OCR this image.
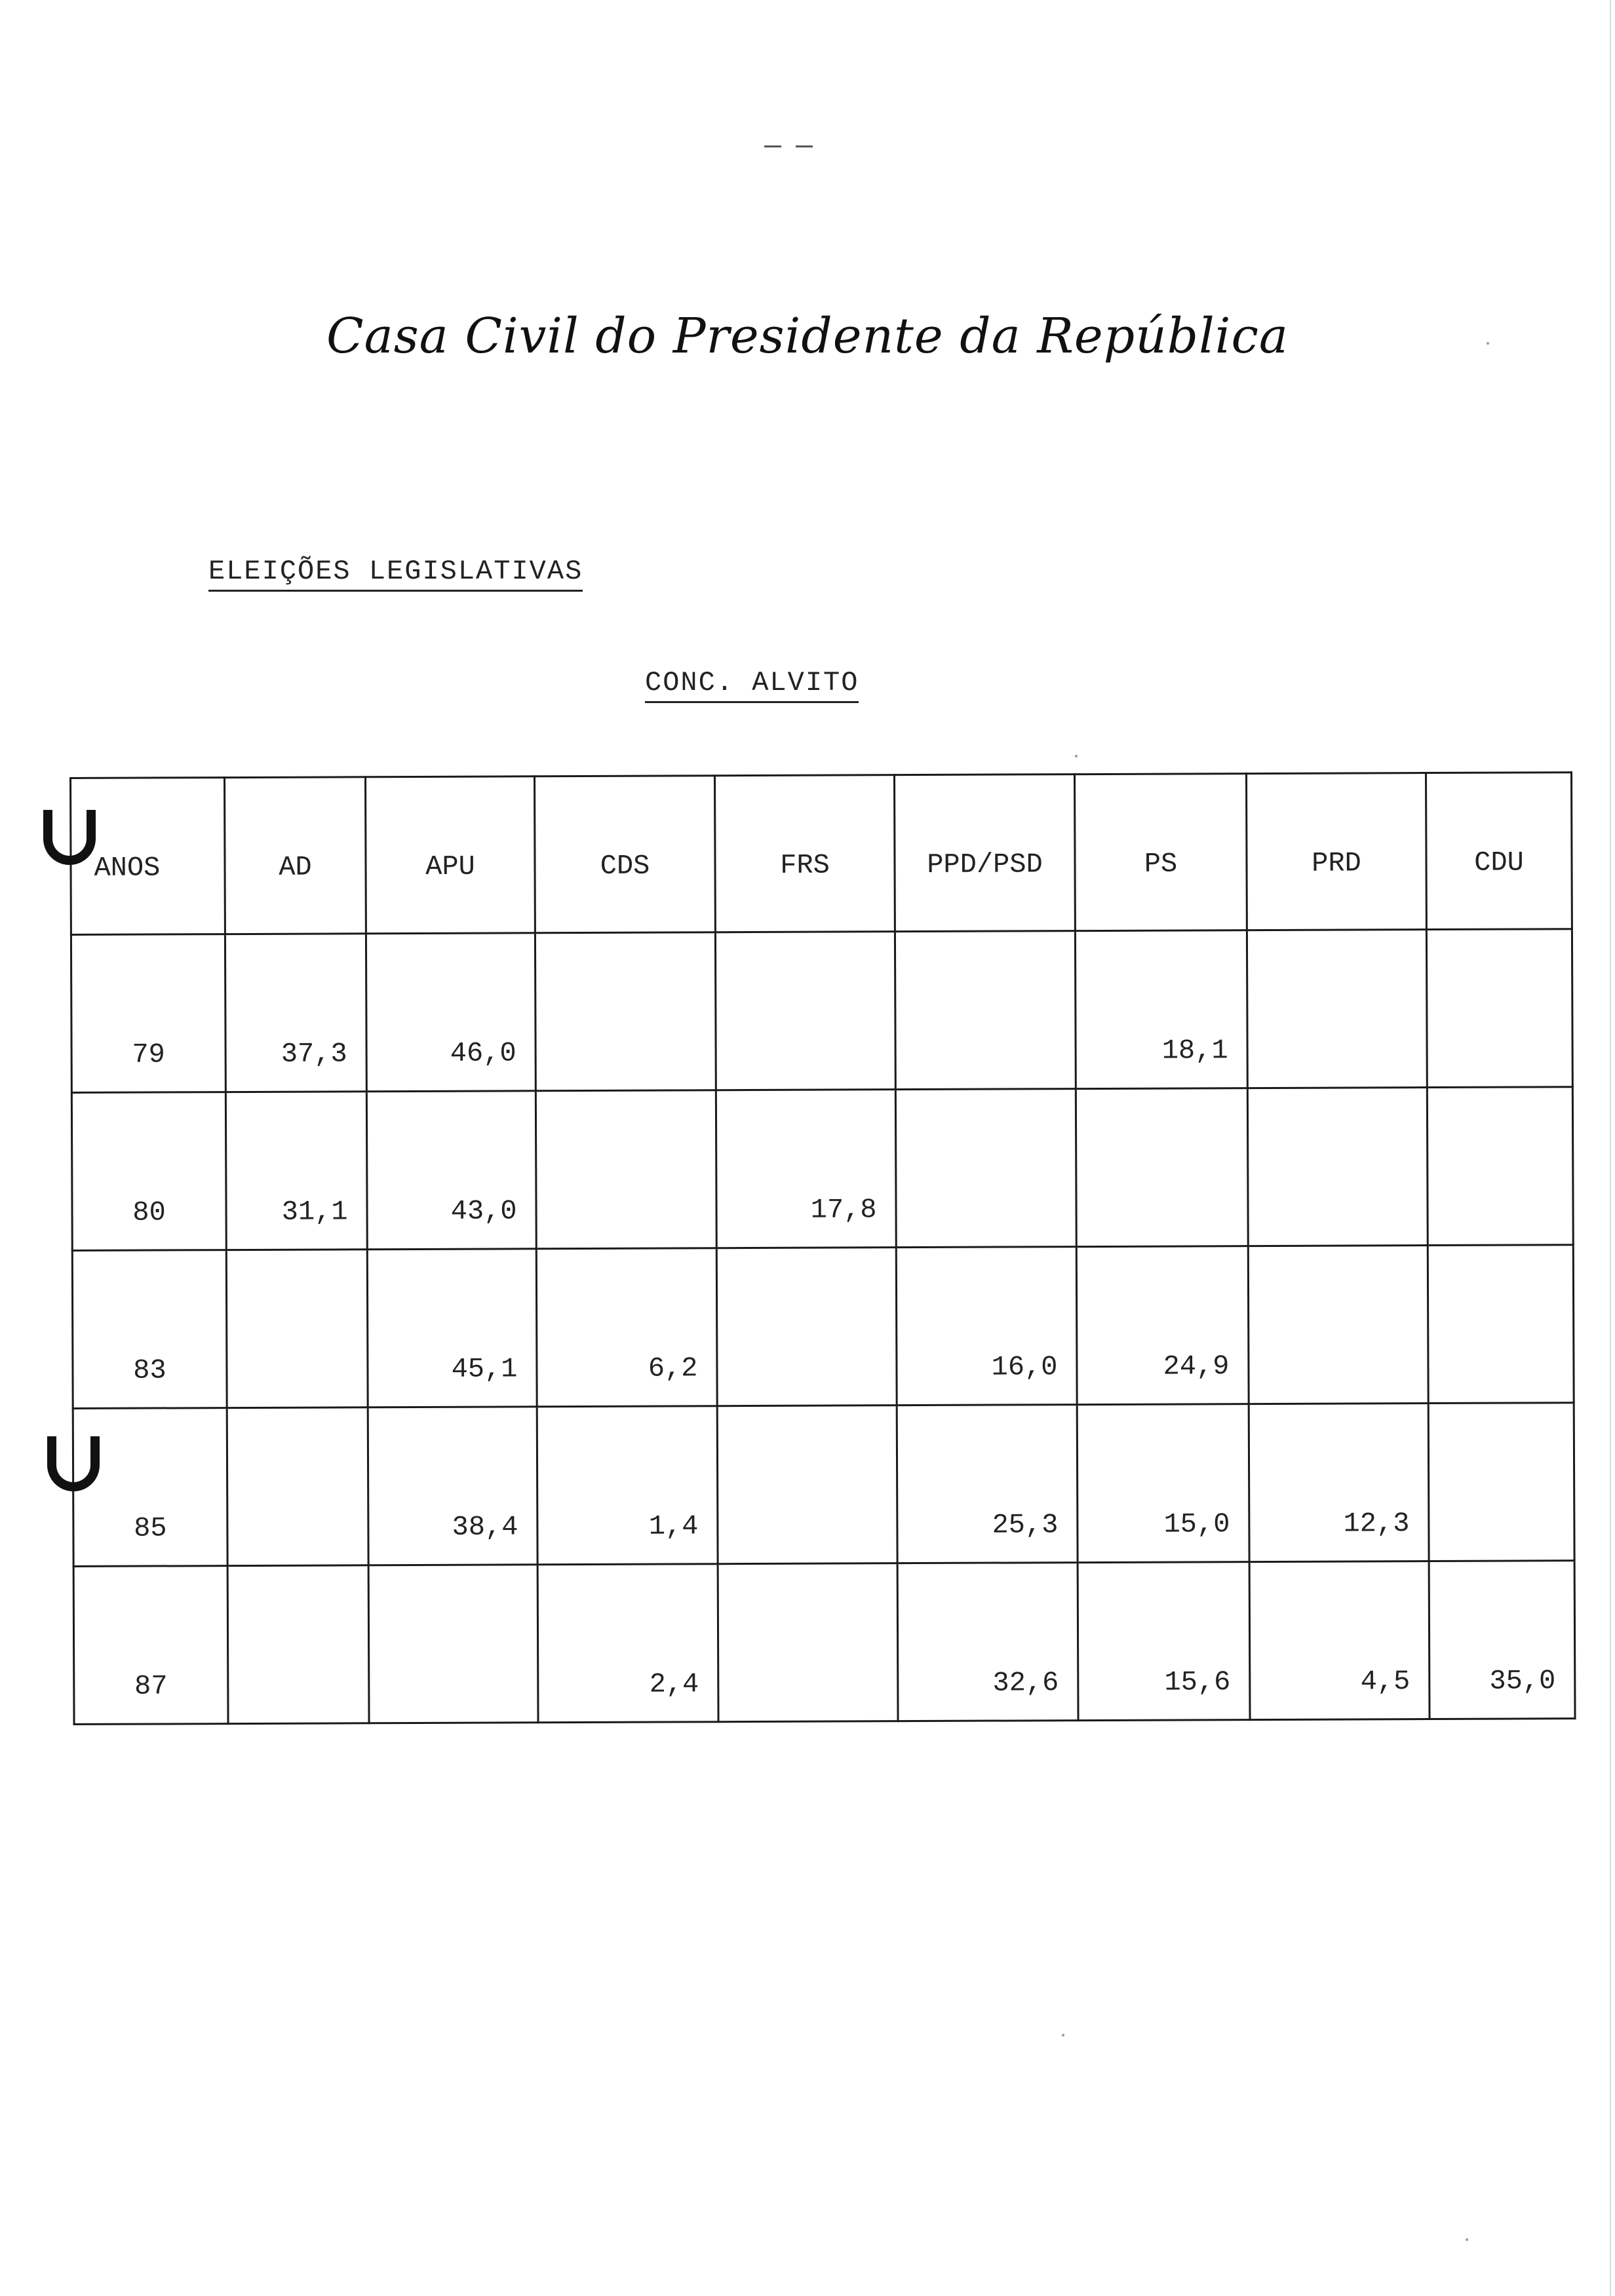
Casa Civil do Presidente da República
ELEIÇÕES LEGISLATIVAS
CONC. ALVITO
ANOS	AD	APU	CDS	FRS	PPD/PSD	PS	PRD	CDU
79	37,3	46,0				18,1		
80	31,1	43,0		17,8				
83		45,1	6,2		16,0	24,9		
85		38,4	1,4		25,3	15,0	12,3	
87			2,4		32,6	15,6	4,5	35,0
